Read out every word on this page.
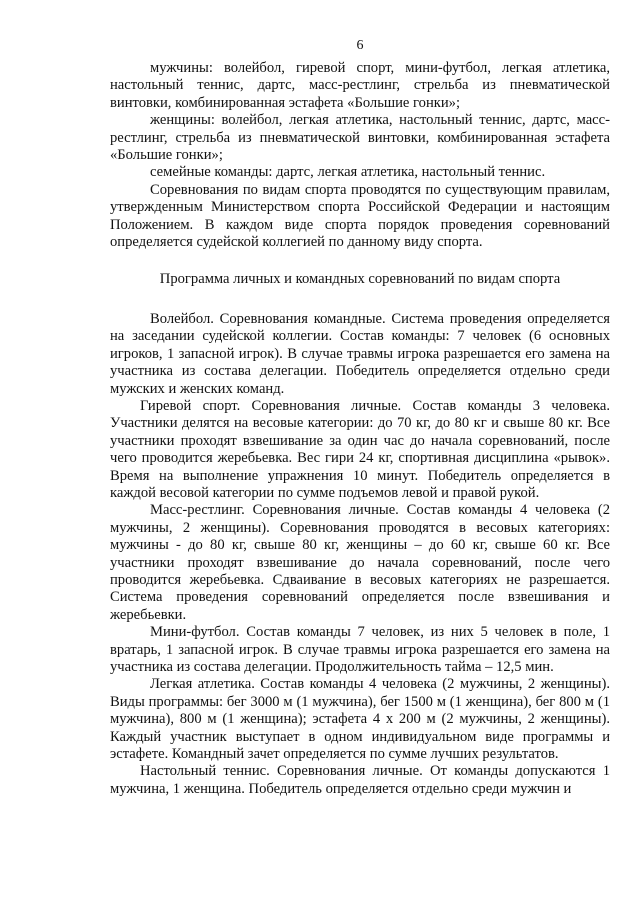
6

мужчины: волейбол, гиревой спорт, мини-футбол, легкая атлетика, настольный теннис, дартс, масс-рестлинг, стрельба из пневматической винтовки, комбинированная эстафета «Большие гонки»;

женщины: волейбол, легкая атлетика, настольный теннис, дартс, масс-рестлинг, стрельба из пневматической винтовки, комбинированная эстафета «Большие гонки»;

семейные команды: дартс, легкая атлетика, настольный теннис.

Соревнования по видам спорта проводятся по существующим правилам, утвержденным Министерством спорта Российской Федерации и настоящим Положением. В каждом виде спорта порядок проведения соревнований определяется судейской коллегией по данному виду спорта.

Программа личных и командных соревнований по видам спорта

Волейбол. Соревнования командные. Система проведения определяется на заседании судейской коллегии. Состав команды: 7 человек (6 основных игроков, 1 запасной игрок). В случае травмы игрока разрешается его замена на участника из состава делегации. Победитель определяется отдельно среди мужских и женских команд.

Гиревой спорт. Соревнования личные. Состав команды 3 человека. Участники делятся на весовые категории: до 70 кг, до 80 кг и свыше 80 кг. Все участники проходят взвешивание за один час до начала соревнований, после чего проводится жеребьевка. Вес гири 24 кг, спортивная дисциплина «рывок». Время на выполнение упражнения 10 минут. Победитель определяется в каждой весовой категории по сумме подъемов левой и правой рукой.

Масс-рестлинг. Соревнования личные. Состав команды 4 человека (2 мужчины, 2 женщины). Соревнования проводятся в весовых категориях: мужчины - до 80 кг, свыше 80 кг, женщины – до 60 кг, свыше 60 кг. Все участники проходят взвешивание до начала соревнований, после чего проводится жеребьевка. Сдваивание в весовых категориях не разрешается. Система проведения соревнований определяется после взвешивания и жеребьевки.

Мини-футбол. Состав команды 7 человек, из них 5 человек в поле, 1 вратарь, 1 запасной игрок. В случае травмы игрока разрешается его замена на участника из состава делегации. Продолжительность тайма – 12,5 мин.

Легкая атлетика. Состав команды 4 человека (2 мужчины, 2 женщины). Виды программы: бег 3000 м (1 мужчина), бег 1500 м (1 женщина), бег 800 м (1 мужчина), 800 м (1 женщина); эстафета 4 х 200 м (2 мужчины, 2 женщины). Каждый участник выступает в одном индивидуальном виде программы и эстафете. Командный зачет определяется по сумме лучших результатов.

Настольный теннис. Соревнования личные. От команды допускаются 1 мужчина, 1 женщина. Победитель определяется отдельно среди мужчин и
